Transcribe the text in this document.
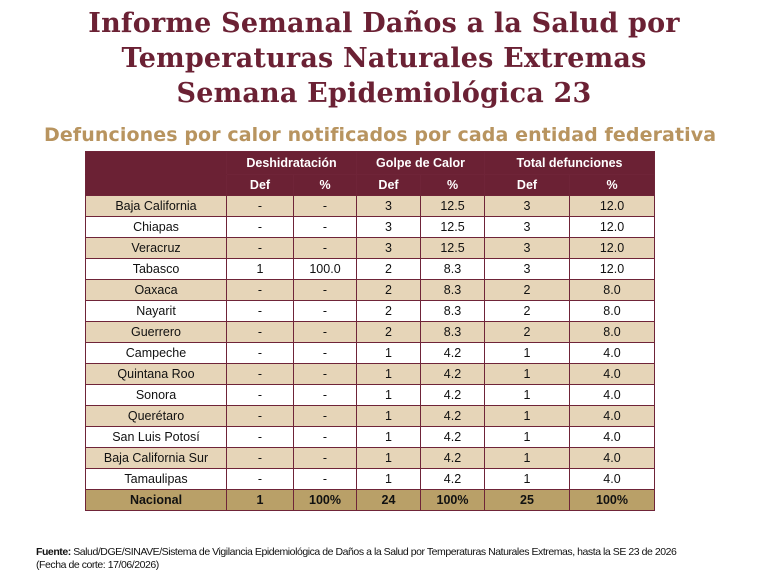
Informe Semanal Daños a la Salud por
Temperaturas Naturales Extremas
Semana Epidemiológica 23
Defunciones por calor notificados por cada entidad federativa
	Deshidratación		Golpe de Calor		Total defunciones	
	Def	%	Def	%	Def	%
Baja California	-	-	3	12.5	3	12.0
Chiapas	-	-	3	12.5	3	12.0
Veracruz	-	-	3	12.5	3	12.0
Tabasco	1	100.0	2	8.3	3	12.0
Oaxaca	-	-	2	8.3	2	8.0
Nayarit	-	-	2	8.3	2	8.0
Guerrero	-	-	2	8.3	2	8.0
Campeche	-	-	1	4.2	1	4.0
Quintana Roo	-	-	1	4.2	1	4.0
Sonora	-	-	1	4.2	1	4.0
Querétaro	-	-	1	4.2	1	4.0
San Luis Potosí	-	-	1	4.2	1	4.0
Baja California Sur	-	-	1	4.2	1	4.0
Tamaulipas	-	-	1	4.2	1	4.0
Nacional	1	100%	24	100%	25	100%
Fuente: Salud/DGE/SINAVE/Sistema de Vigilancia Epidemiológica de Daños a la Salud por Temperaturas Naturales Extremas, hasta la SE 23 de 2026
(Fecha de corte: 17/06/2026)
